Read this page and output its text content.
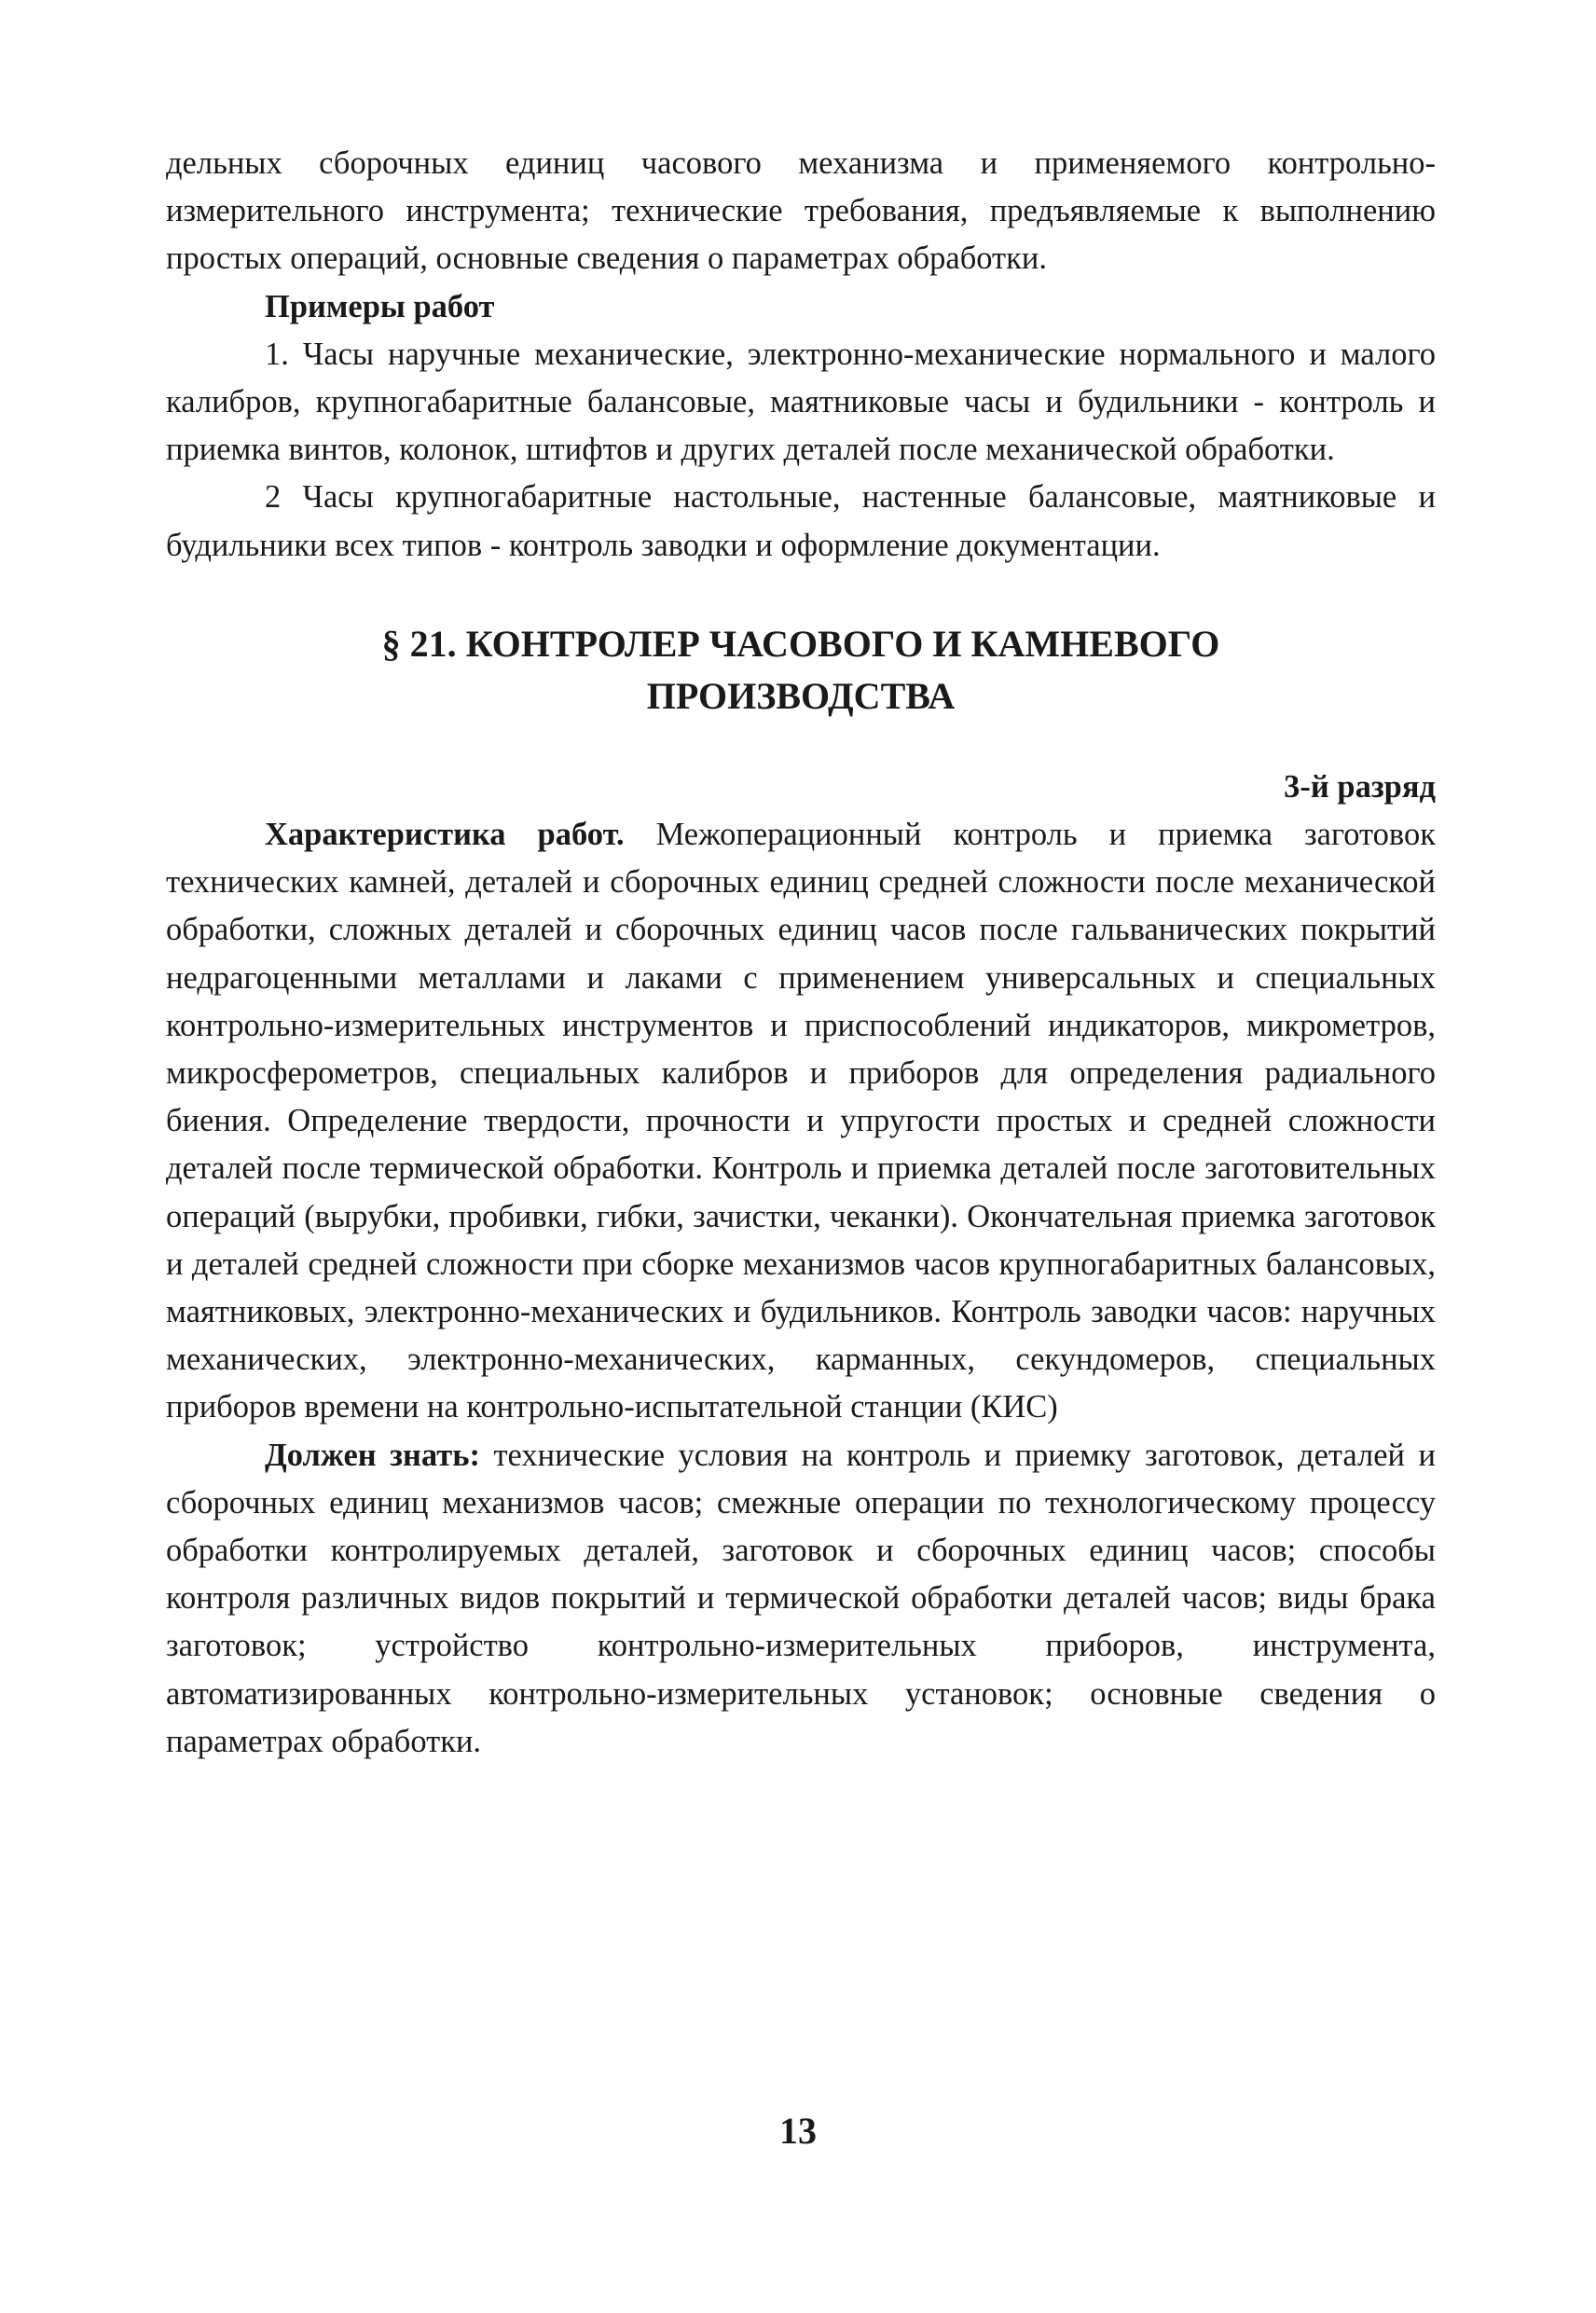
дельных сборочных единиц часового механизма и применяемого контрольно-измерительного инструмента; технические требования, предъявляемые к выполнению простых операций, основные сведения о параметрах обработки.

Примеры работ

1. Часы наручные механические, электронно-механические нормального и малого калибров, крупногабаритные балансовые, маятниковые часы и будильники - контроль и приемка винтов, колонок, штифтов и других деталей после механической обработки.

2 Часы крупногабаритные настольные, настенные балансовые, маятниковые и будильники всех типов - контроль заводки и оформление документации.

§ 21. КОНТРОЛЕР ЧАСОВОГО И КАМНЕВОГО
ПРОИЗВОДСТВА

3-й разряд

Характеристика работ. Межоперационный контроль и приемка заготовок технических камней, деталей и сборочных единиц средней сложности после механической обработки, сложных деталей и сборочных единиц часов после гальванических покрытий недрагоценными металлами и лаками с применением универсальных и специальных контрольно-измерительных инструментов и приспособлений индикаторов, микрометров, микросферометров, специальных калибров и приборов для определения радиального биения. Определение твердости, прочности и упругости простых и средней сложности деталей после термической обработки. Контроль и приемка деталей после заготовительных операций (вырубки, пробивки, гибки, зачистки, чеканки). Окончательная приемка заготовок и деталей средней сложности при сборке механизмов часов крупногабаритных балансовых, маятниковых, электронно-механических и будильников. Контроль заводки часов: наручных механических, электронно-механических, карманных, секундомеров, специальных приборов времени на контрольно-испытательной станции (КИС)

Должен знать: технические условия на контроль и приемку заготовок, деталей и сборочных единиц механизмов часов; смежные операции по технологическому процессу обработки контролируемых деталей, заготовок и сборочных единиц часов; способы контроля различных видов покрытий и термической обработки деталей часов; виды брака заготовок; устройство контрольно-измерительных приборов, инструмента, автоматизированных контрольно-измерительных установок; основные сведения о параметрах обработки.

13
